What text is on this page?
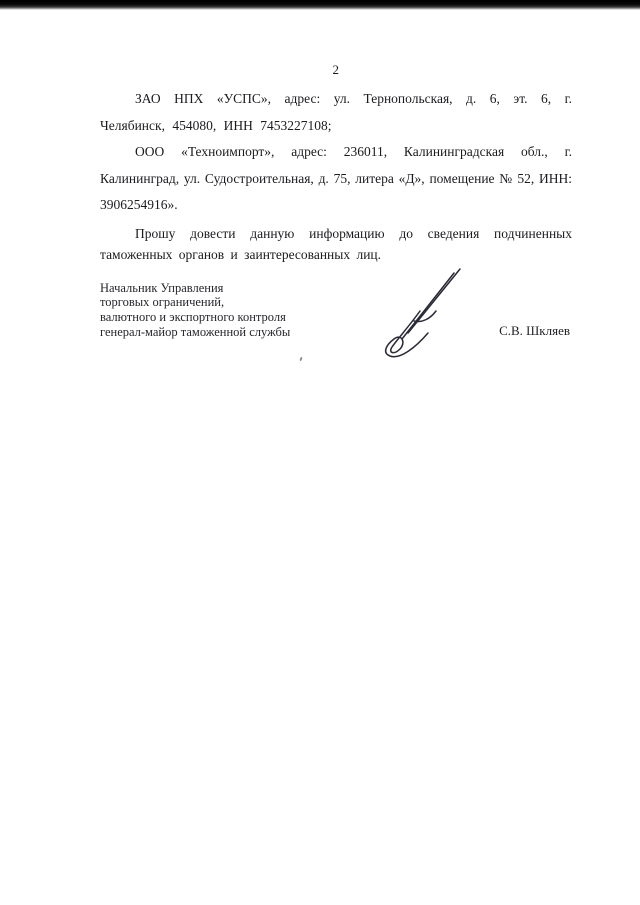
2

ЗАО НПХ «УСПС», адрес: ул. Тернопольская, д. 6, эт. 6, г. Челябинск, 454080, ИНН 7453227108;

ООО «Техноимпорт», адрес: 236011, Калининградская обл., г. Калининград, ул. Судостроительная, д. 75, литера «Д», помещение № 52, ИНН: 3906254916».

Прошу довести данную информацию до сведения подчиненных таможенных органов и заинтересованных лиц.

Начальник Управления
торговых ограничений,
валютного и экспортного контроля
генерал-майор таможенной службы	С.В. Шкляев
